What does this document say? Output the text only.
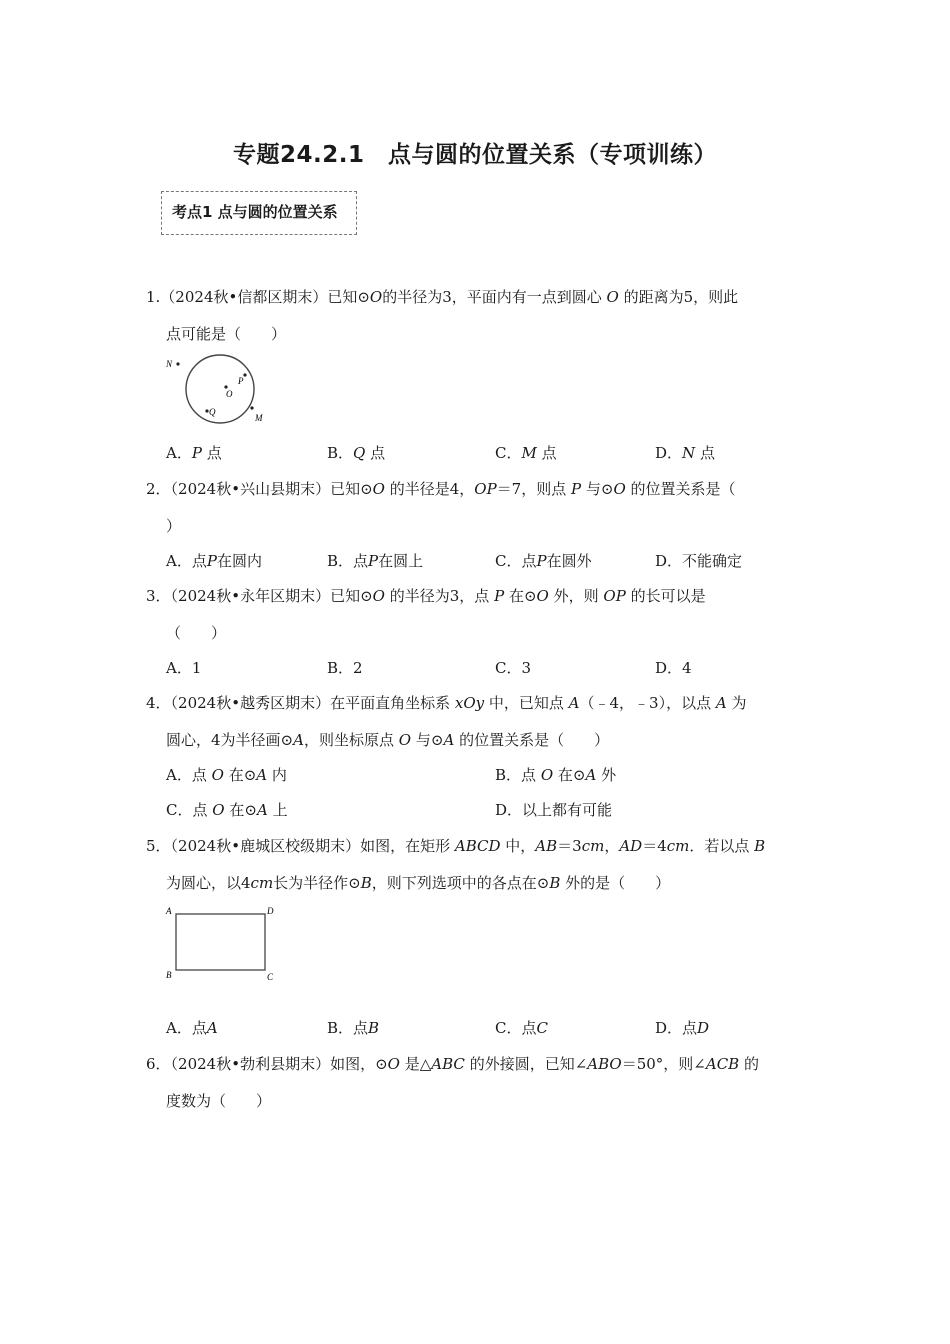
专题24.2.1　点与圆的位置关系（专项训练）
考点1 点与圆的位置关系
1.（2024秋•信都区期末）已知⊙O的半径为3，平面内有一点到圆心 O 的距离为5，则此
点可能是（　　）
N
P
O
Q
M
A．P 点	B．Q 点	C．M 点	D．N 点
2．（2024秋•兴山县期末）已知⊙O 的半径是4，OP＝7，则点 P 与⊙O 的位置关系是（
）
A．点P在圆内	B．点P在圆上	C．点P在圆外	D．不能确定
3．（2024秋•永年区期末）已知⊙O 的半径为3，点 P 在⊙O 外，则 OP 的长可以是
（　　）
A．1	B．2	C．3	D．4
4．（2024秋•越秀区期末）在平面直角坐标系 xOy 中，已知点 A（﹣4，﹣3），以点 A 为
圆心，4为半径画⊙A，则坐标原点 O 与⊙A 的位置关系是（　　）
A．点 O 在⊙A 内	B．点 O 在⊙A 外
C．点 O 在⊙A 上	D．以上都有可能
5．（2024秋•鹿城区校级期末）如图，在矩形 ABCD 中，AB＝3cm，AD＝4cm．若以点 B
为圆心，以4cm长为半径作⊙B，则下列选项中的各点在⊙B 外的是（　　）
A	D
B	C
A．点A	B．点B	C．点C	D．点D
6．（2024秋•勃利县期末）如图，⊙O 是△ABC 的外接圆，已知∠ABO＝50°，则∠ACB 的
度数为（　　）
